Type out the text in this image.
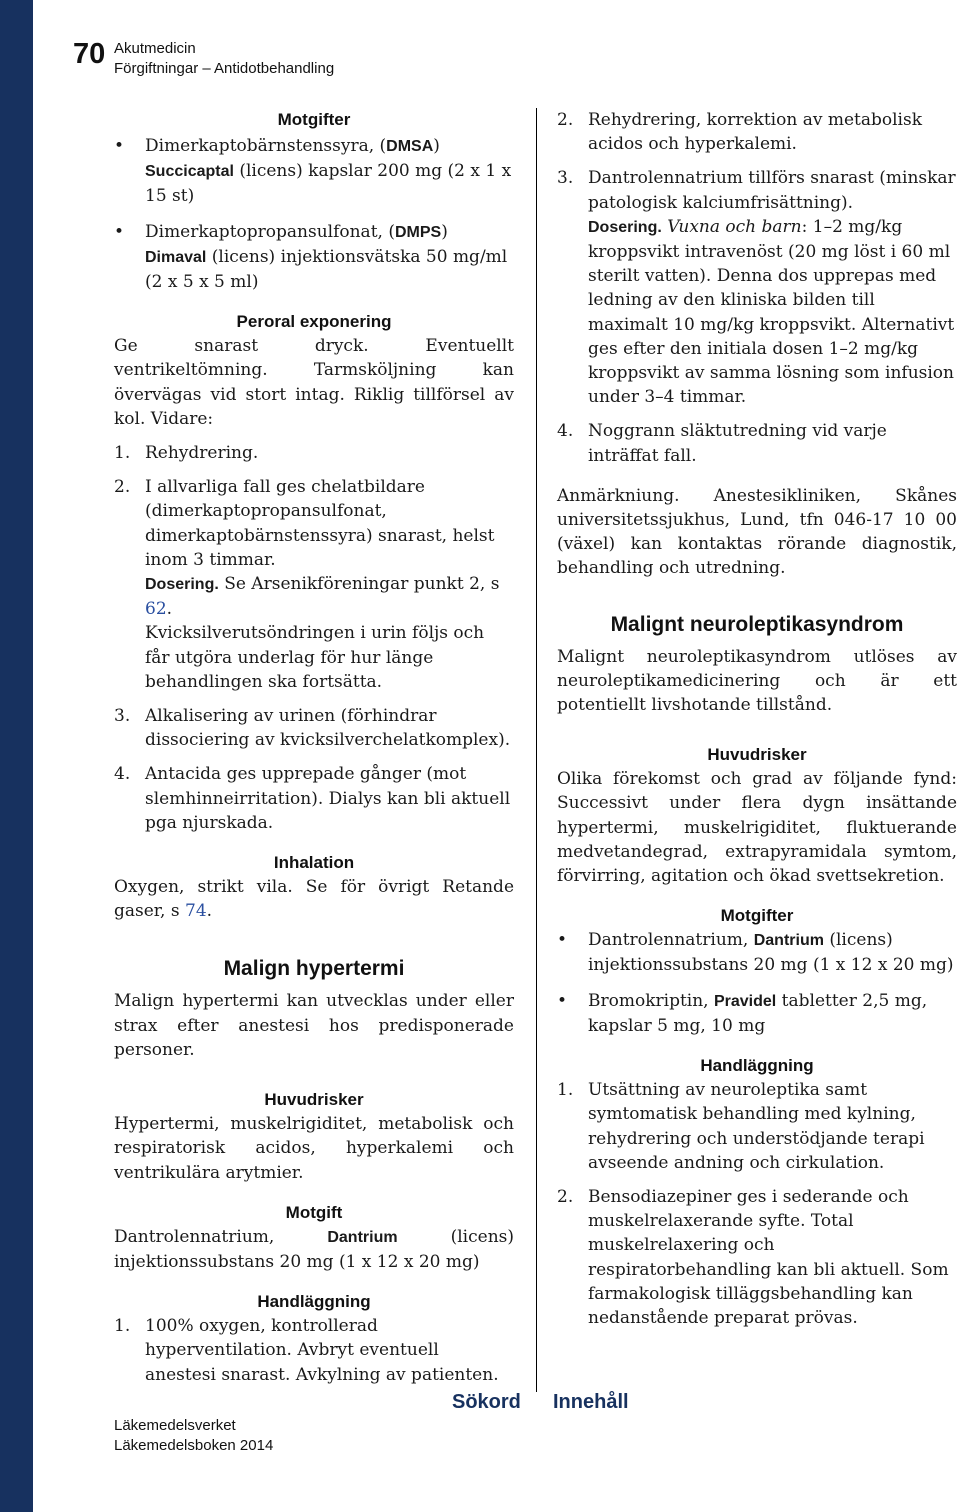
70 Akutmedicin
Förgiftningar – Antidotbehandling
Motgifter
•	Dimerkaptobärnstenssyra, (DMSA)
Succicaptal (licens) kapslar 200 mg (2 x 1 x 15 st)
•	Dimerkaptopropansulfonat, (DMPS)
Dimaval (licens) injektionsvätska 50 mg/ml (2 x 5 x 5 ml)
Peroral exponering

Ge snarast dryck. Eventuellt ventrikeltömning. Tarmsköljning kan övervägas vid stort intag. Riklig tillförsel av kol. Vidare:

1. Rehydrering.
2. I allvarliga fall ges chelatbildare (dimerkaptopropansulfonat, dimerkaptobärnstenssyra) snarast, helst inom 3 timmar.
Dosering. Se Arsenikföreningar punkt 2, s 62.
Kvicksilverutsöndringen i urin följs och får utgöra underlag för hur länge behandlingen ska fortsätta.
3. Alkalisering av urinen (förhindrar dissociering av kvicksilverchelatkomplex).
4. Antacida ges upprepade gånger (mot slemhinneirritation). Dialys kan bli aktuell pga njurskada.
Inhalation

Oxygen, strikt vila. Se för övrigt Retande gaser, s 74.

Malign hypertermi

Malign hypertermi kan utvecklas under eller strax efter anestesi hos predisponerade personer.

Huvudrisker

Hypertermi, muskelrigiditet, metabolisk och respiratorisk acidos, hyperkalemi och ventrikulära arytmier.

Motgift

Dantrolennatrium, Dantrium (licens) injektionssubstans 20 mg (1 x 12 x 20 mg)

Handläggning
1. 100% oxygen, kontrollerad hyperventilation. Avbryt eventuell anestesi snarast. Avkylning av patienten.
2. Rehydrering, korrektion av metabolisk acidos och hyperkalemi.
3. Dantrolennatrium tillförs snarast (minskar patologisk kalciumfrisättning).
Dosering. Vuxna och barn: 1–2 mg/kg kroppsvikt intravenöst (20 mg löst i 60 ml sterilt vatten). Denna dos upprepas med ledning av den kliniska bilden till maximalt 10 mg/kg kroppsvikt. Alternativt ges efter den initiala dosen 1–2 mg/kg kroppsvikt av samma lösning som infusion under 3–4 timmar.
4. Noggrann släktutredning vid varje inträffat fall.

Anmärkniung. Anestesikliniken, Skånes universitetssjukhus, Lund, tfn 046-17 10 00 (växel) kan kontaktas rörande diagnostik, behandling och utredning.

Malignt neuroleptikasyndrom

Malignt neuroleptikasyndrom utlöses av neuroleptikamedicinering och är ett potentiellt livshotande tillstånd.

Huvudrisker

Olika förekomst och grad av följande fynd: Successivt under flera dygn insättande hypertermi, muskelrigiditet, fluktuerande medvetandegrad, extrapyramidala symtom, förvirring, agitation och ökad svettsekretion.

Motgifter
•	Dantrolennatrium, Dantrium (licens) injektionssubstans 20 mg (1 x 12 x 20 mg)
•	Bromokriptin, Pravidel tabletter 2,5 mg, kapslar 5 mg, 10 mg
Handläggning
1. Utsättning av neuroleptika samt symtomatisk behandling med kylning, rehydrering och understödjande terapi avseende andning och cirkulation.
2. Bensodiazepiner ges i sederande och muskelrelaxerande syfte. Total muskelrelaxering och respiratorbehandling kan bli aktuell. Som farmakologisk tilläggsbehandling kan nedanstående preparat prövas.
Sökord Innehåll
Läkemedelsverket
Läkemedelsboken 2014
